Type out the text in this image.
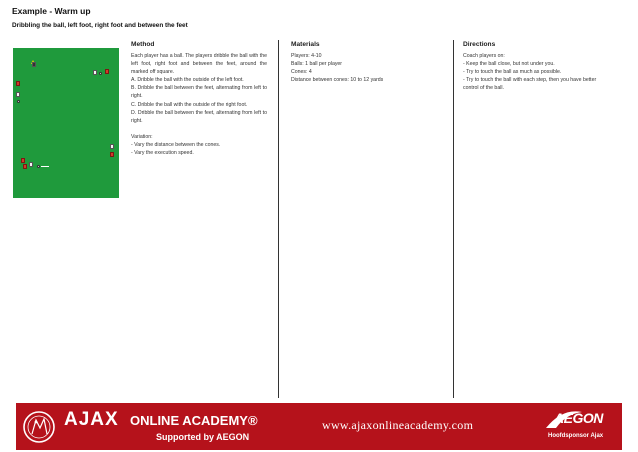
Example - Warm up
Dribbling the ball, left foot, right foot and between the feet
Method

Each player has a ball. The players dribble the ball with the left foot, right foot and between the feet, around the marked off square.

A. Dribble the ball with the outside of the left foot.

B. Dribble the ball between the feet, alternating from left to right.

C. Dribble the ball with the outside of the right foot.

D. Dribble the ball between the feet, alternating from left to right.

Variation:

- Vary the distance between the cones.

- Vary the execution speed.

Materials

Players: 4-10

Balls: 1 ball per player

Cones: 4

Distance between cones: 10 to 12 yards

Directions

Coach players on:

- Keep the ball close, but not under you.

- Try to touch the ball as much as possible.

- Try to touch the ball with each step, then you have better control of the ball.

AJAX ONLINE ACADEMY®
Supported by AEGON
www.ajaxonlineacademy.com	AEGON
Hoofdsponsor Ajax
